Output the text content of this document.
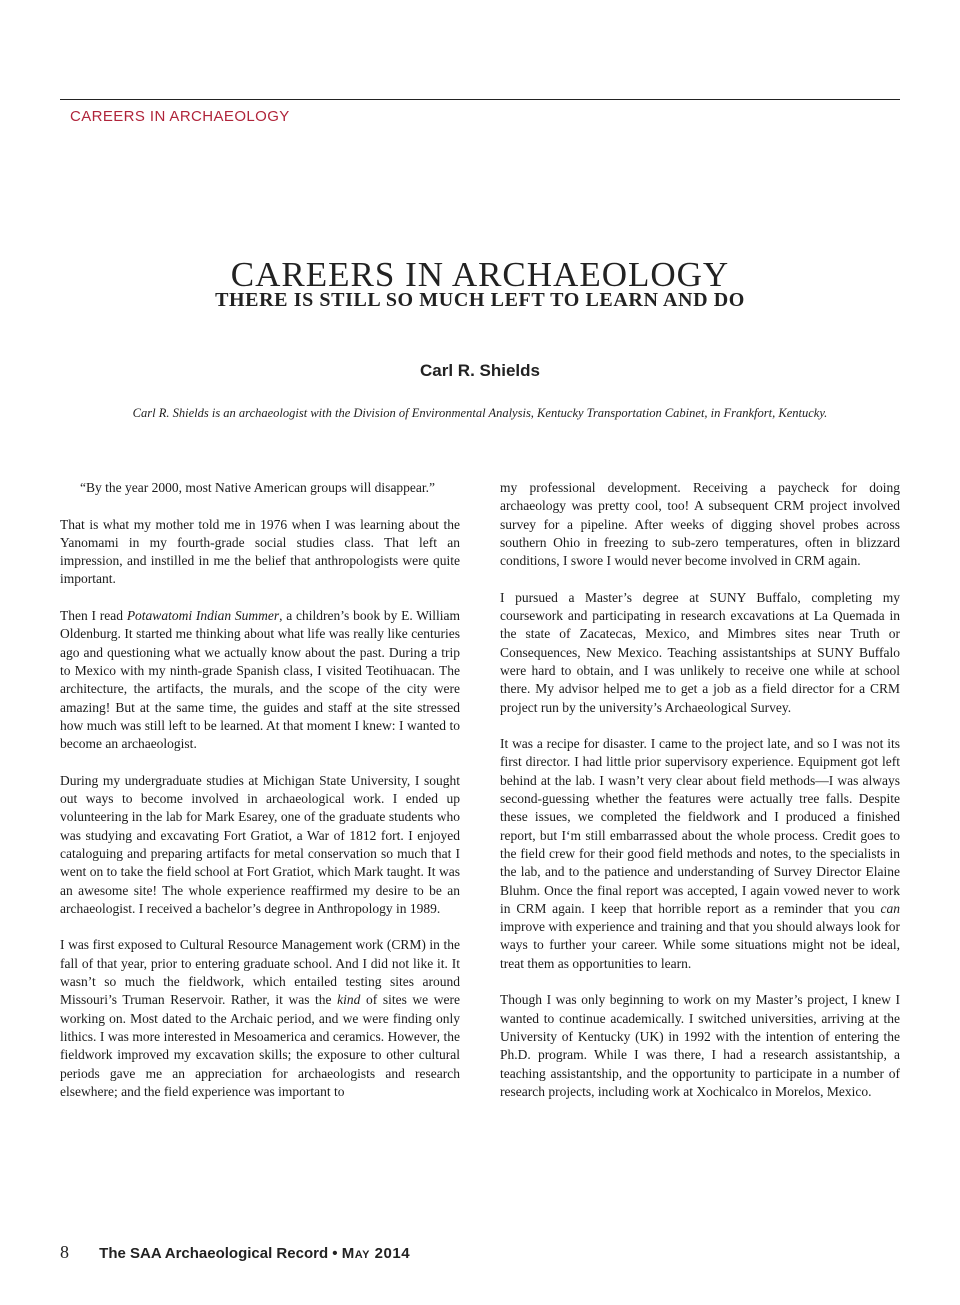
CAREERS IN ARCHAEOLOGY
CAREERS IN ARCHAEOLOGY
THERE IS STILL SO MUCH LEFT TO LEARN AND DO
Carl R. Shields
Carl R. Shields is an archaeologist with the Division of Environmental Analysis, Kentucky Transportation Cabinet, in Frankfort, Kentucky.

“By the year 2000, most Native American groups will disappear.”

That is what my mother told me in 1976 when I was learning about the Yanomami in my fourth-grade social studies class. That left an impression, and instilled in me the belief that anthropologists were quite important.

Then I read Potawatomi Indian Summer, a children’s book by E. William Oldenburg. It started me thinking about what life was really like centuries ago and questioning what we actually know about the past. During a trip to Mexico with my ninth-grade Spanish class, I visited Teotihuacan. The architecture, the artifacts, the murals, and the scope of the city were amazing! But at the same time, the guides and staff at the site stressed how much was still left to be learned. At that moment I knew: I wanted to become an archaeologist.

During my undergraduate studies at Michigan State University, I sought out ways to become involved in archaeological work. I ended up volunteering in the lab for Mark Esarey, one of the graduate students who was studying and excavating Fort Gratiot, a War of 1812 fort. I enjoyed cataloguing and preparing artifacts for metal conservation so much that I went on to take the field school at Fort Gratiot, which Mark taught. It was an awesome site! The whole experience reaffirmed my desire to be an archaeologist. I received a bachelor’s degree in Anthropology in 1989.

I was first exposed to Cultural Resource Management work (CRM) in the fall of that year, prior to entering graduate school. And I did not like it. It wasn’t so much the fieldwork, which entailed testing sites around Missouri’s Truman Reservoir. Rather, it was the kind of sites we were working on. Most dated to the Archaic period, and we were finding only lithics. I was more interested in Mesoamerica and ceramics. However, the fieldwork improved my excavation skills; the exposure to other cultural periods gave me an appreciation for archaeologists and research elsewhere; and the field experience was important to

my professional development. Receiving a paycheck for doing archaeology was pretty cool, too! A subsequent CRM project involved survey for a pipeline. After weeks of digging shovel probes across southern Ohio in freezing to sub-zero temperatures, often in blizzard conditions, I swore I would never become involved in CRM again.

I pursued a Master’s degree at SUNY Buffalo, completing my coursework and participating in research excavations at La Quemada in the state of Zacatecas, Mexico, and Mimbres sites near Truth or Consequences, New Mexico. Teaching assistantships at SUNY Buffalo were hard to obtain, and I was unlikely to receive one while at school there. My advisor helped me to get a job as a field director for a CRM project run by the university’s Archaeological Survey.

It was a recipe for disaster. I came to the project late, and so I was not its first director. I had little prior supervisory experience. Equipment got left behind at the lab. I wasn’t very clear about field methods—I was always second-guessing whether the features were actually tree falls. Despite these issues, we completed the fieldwork and I produced a finished report, but I‘m still embarrassed about the whole process. Credit goes to the field crew for their good field methods and notes, to the specialists in the lab, and to the patience and understanding of Survey Director Elaine Bluhm. Once the final report was accepted, I again vowed never to work in CRM again. I keep that horrible report as a reminder that you can improve with experience and training and that you should always look for ways to further your career. While some situations might not be ideal, treat them as opportunities to learn.

Though I was only beginning to work on my Master’s project, I knew I wanted to continue academically. I switched universities, arriving at the University of Kentucky (UK) in 1992 with the intention of entering the Ph.D. program. While I was there, I had a research assistantship, a teaching assistantship, and the opportunity to participate in a number of research projects, including work at Xochicalco in Morelos, Mexico.

8 The SAA Archaeological Record • May 2014
